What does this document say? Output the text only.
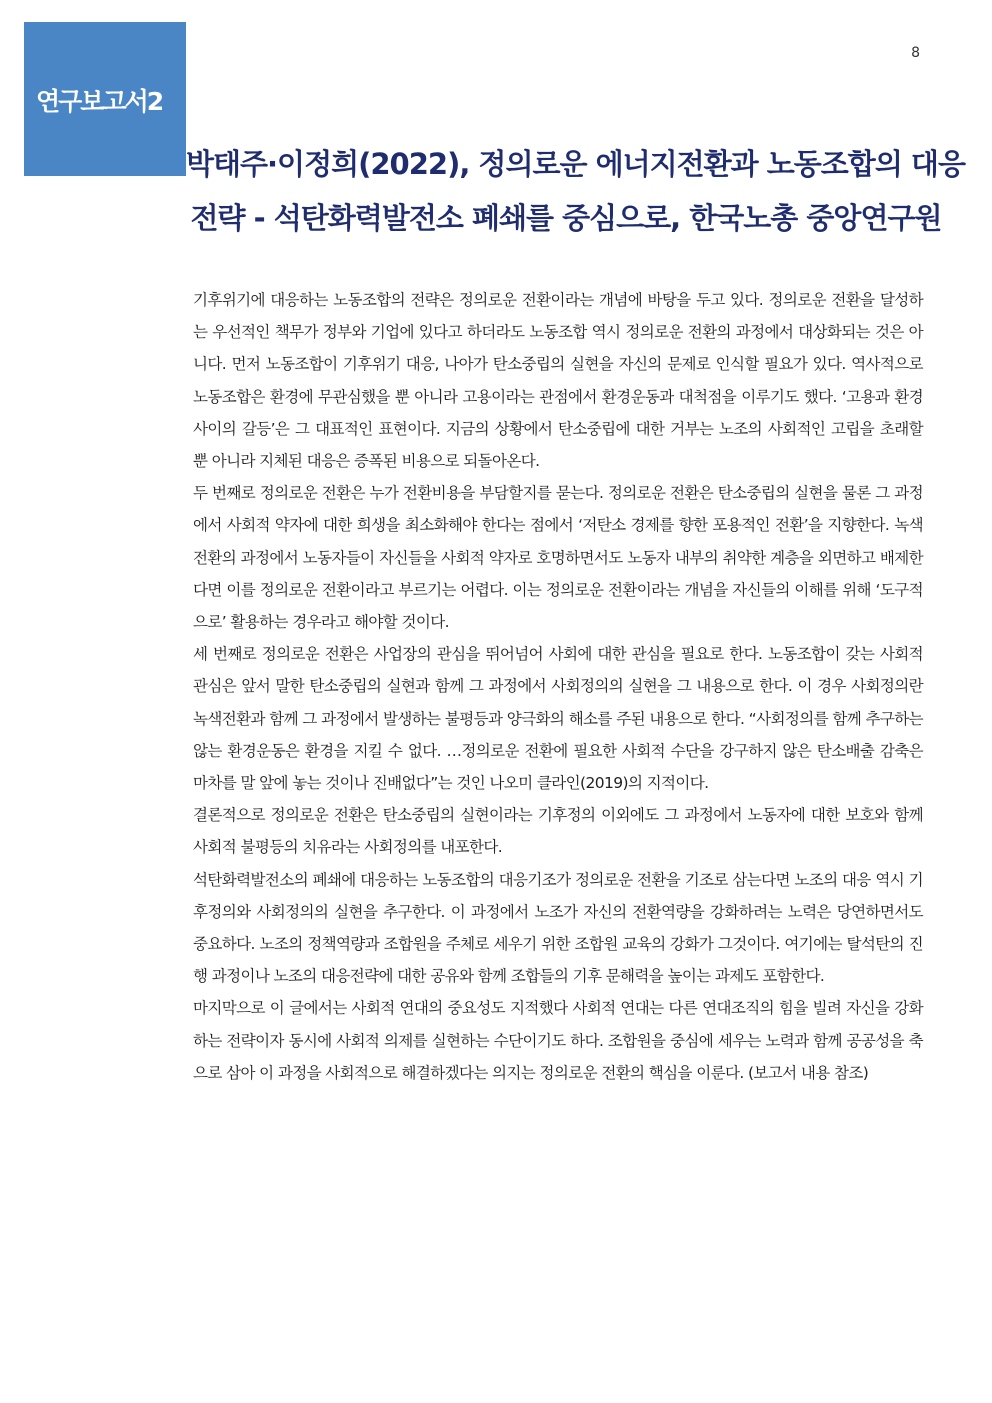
연구보고서2
8
박태주·이정희(2022), 정의로운 에너지전환과 노동조합의 대응
전략 - 석탄화력발전소 폐쇄를 중심으로, 한국노총 중앙연구원

기후위기에 대응하는 노동조합의 전략은 정의로운 전환이라는 개념에 바탕을 두고 있다. 정의로운 전환을 달성하는 우선적인 책무가 정부와 기업에 있다고 하더라도 노동조합 역시 정의로운 전환의 과정에서 대상화되는 것은 아니다. 먼저 노동조합이 기후위기 대응, 나아가 탄소중립의 실현을 자신의 문제로 인식할 필요가 있다. 역사적으로 노동조합은 환경에 무관심했을 뿐 아니라 고용이라는 관점에서 환경운동과 대척점을 이루기도 했다. ‘고용과 환경 사이의 갈등’은 그 대표적인 표현이다. 지금의 상황에서 탄소중립에 대한 거부는 노조의 사회적인 고립을 초래할 뿐 아니라 지체된 대응은 증폭된 비용으로 되돌아온다.

두 번째로 정의로운 전환은 누가 전환비용을 부담할지를 묻는다. 정의로운 전환은 탄소중립의 실현을 물론 그 과정에서 사회적 약자에 대한 희생을 최소화해야 한다는 점에서 ‘저탄소 경제를 향한 포용적인 전환’을 지향한다. 녹색전환의 과정에서 노동자들이 자신들을 사회적 약자로 호명하면서도 노동자 내부의 취약한 계층을 외면하고 배제한다면 이를 정의로운 전환이라고 부르기는 어렵다. 이는 정의로운 전환이라는 개념을 자신들의 이해를 위해 ‘도구적으로’ 활용하는 경우라고 해야할 것이다.

세 번째로 정의로운 전환은 사업장의 관심을 뛰어넘어 사회에 대한 관심을 필요로 한다. 노동조합이 갖는 사회적 관심은 앞서 말한 탄소중립의 실현과 함께 그 과정에서 사회정의의 실현을 그 내용으로 한다. 이 경우 사회정의란 녹색전환과 함께 그 과정에서 발생하는 불평등과 양극화의 해소를 주된 내용으로 한다. “사회정의를 함께 추구하는 않는 환경운동은 환경을 지킬 수 없다. …정의로운 전환에 필요한 사회적 수단을 강구하지 않은 탄소배출 감축은 마차를 말 앞에 놓는 것이나 진배없다”는 것인 나오미 클라인(2019)의 지적이다.

결론적으로 정의로운 전환은 탄소중립의 실현이라는 기후정의 이외에도 그 과정에서 노동자에 대한 보호와 함께 사회적 불평등의 치유라는 사회정의를 내포한다.

석탄화력발전소의 폐쇄에 대응하는 노동조합의 대응기조가 정의로운 전환을 기조로 삼는다면 노조의 대응 역시 기후정의와 사회정의의 실현을 추구한다. 이 과정에서 노조가 자신의 전환역량을 강화하려는 노력은 당연하면서도 중요하다. 노조의 정책역량과 조합원을 주체로 세우기 위한 조합원 교육의 강화가 그것이다. 여기에는 탈석탄의 진행 과정이나 노조의 대응전략에 대한 공유와 함께 조합들의 기후 문해력을 높이는 과제도 포함한다.

마지막으로 이 글에서는 사회적 연대의 중요성도 지적했다 사회적 연대는 다른 연대조직의 힘을 빌려 자신을 강화하는 전략이자 동시에 사회적 의제를 실현하는 수단이기도 하다. 조합원을 중심에 세우는 노력과 함께 공공성을 축으로 삼아 이 과정을 사회적으로 해결하겠다는 의지는 정의로운 전환의 핵심을 이룬다. (보고서 내용 참조)
